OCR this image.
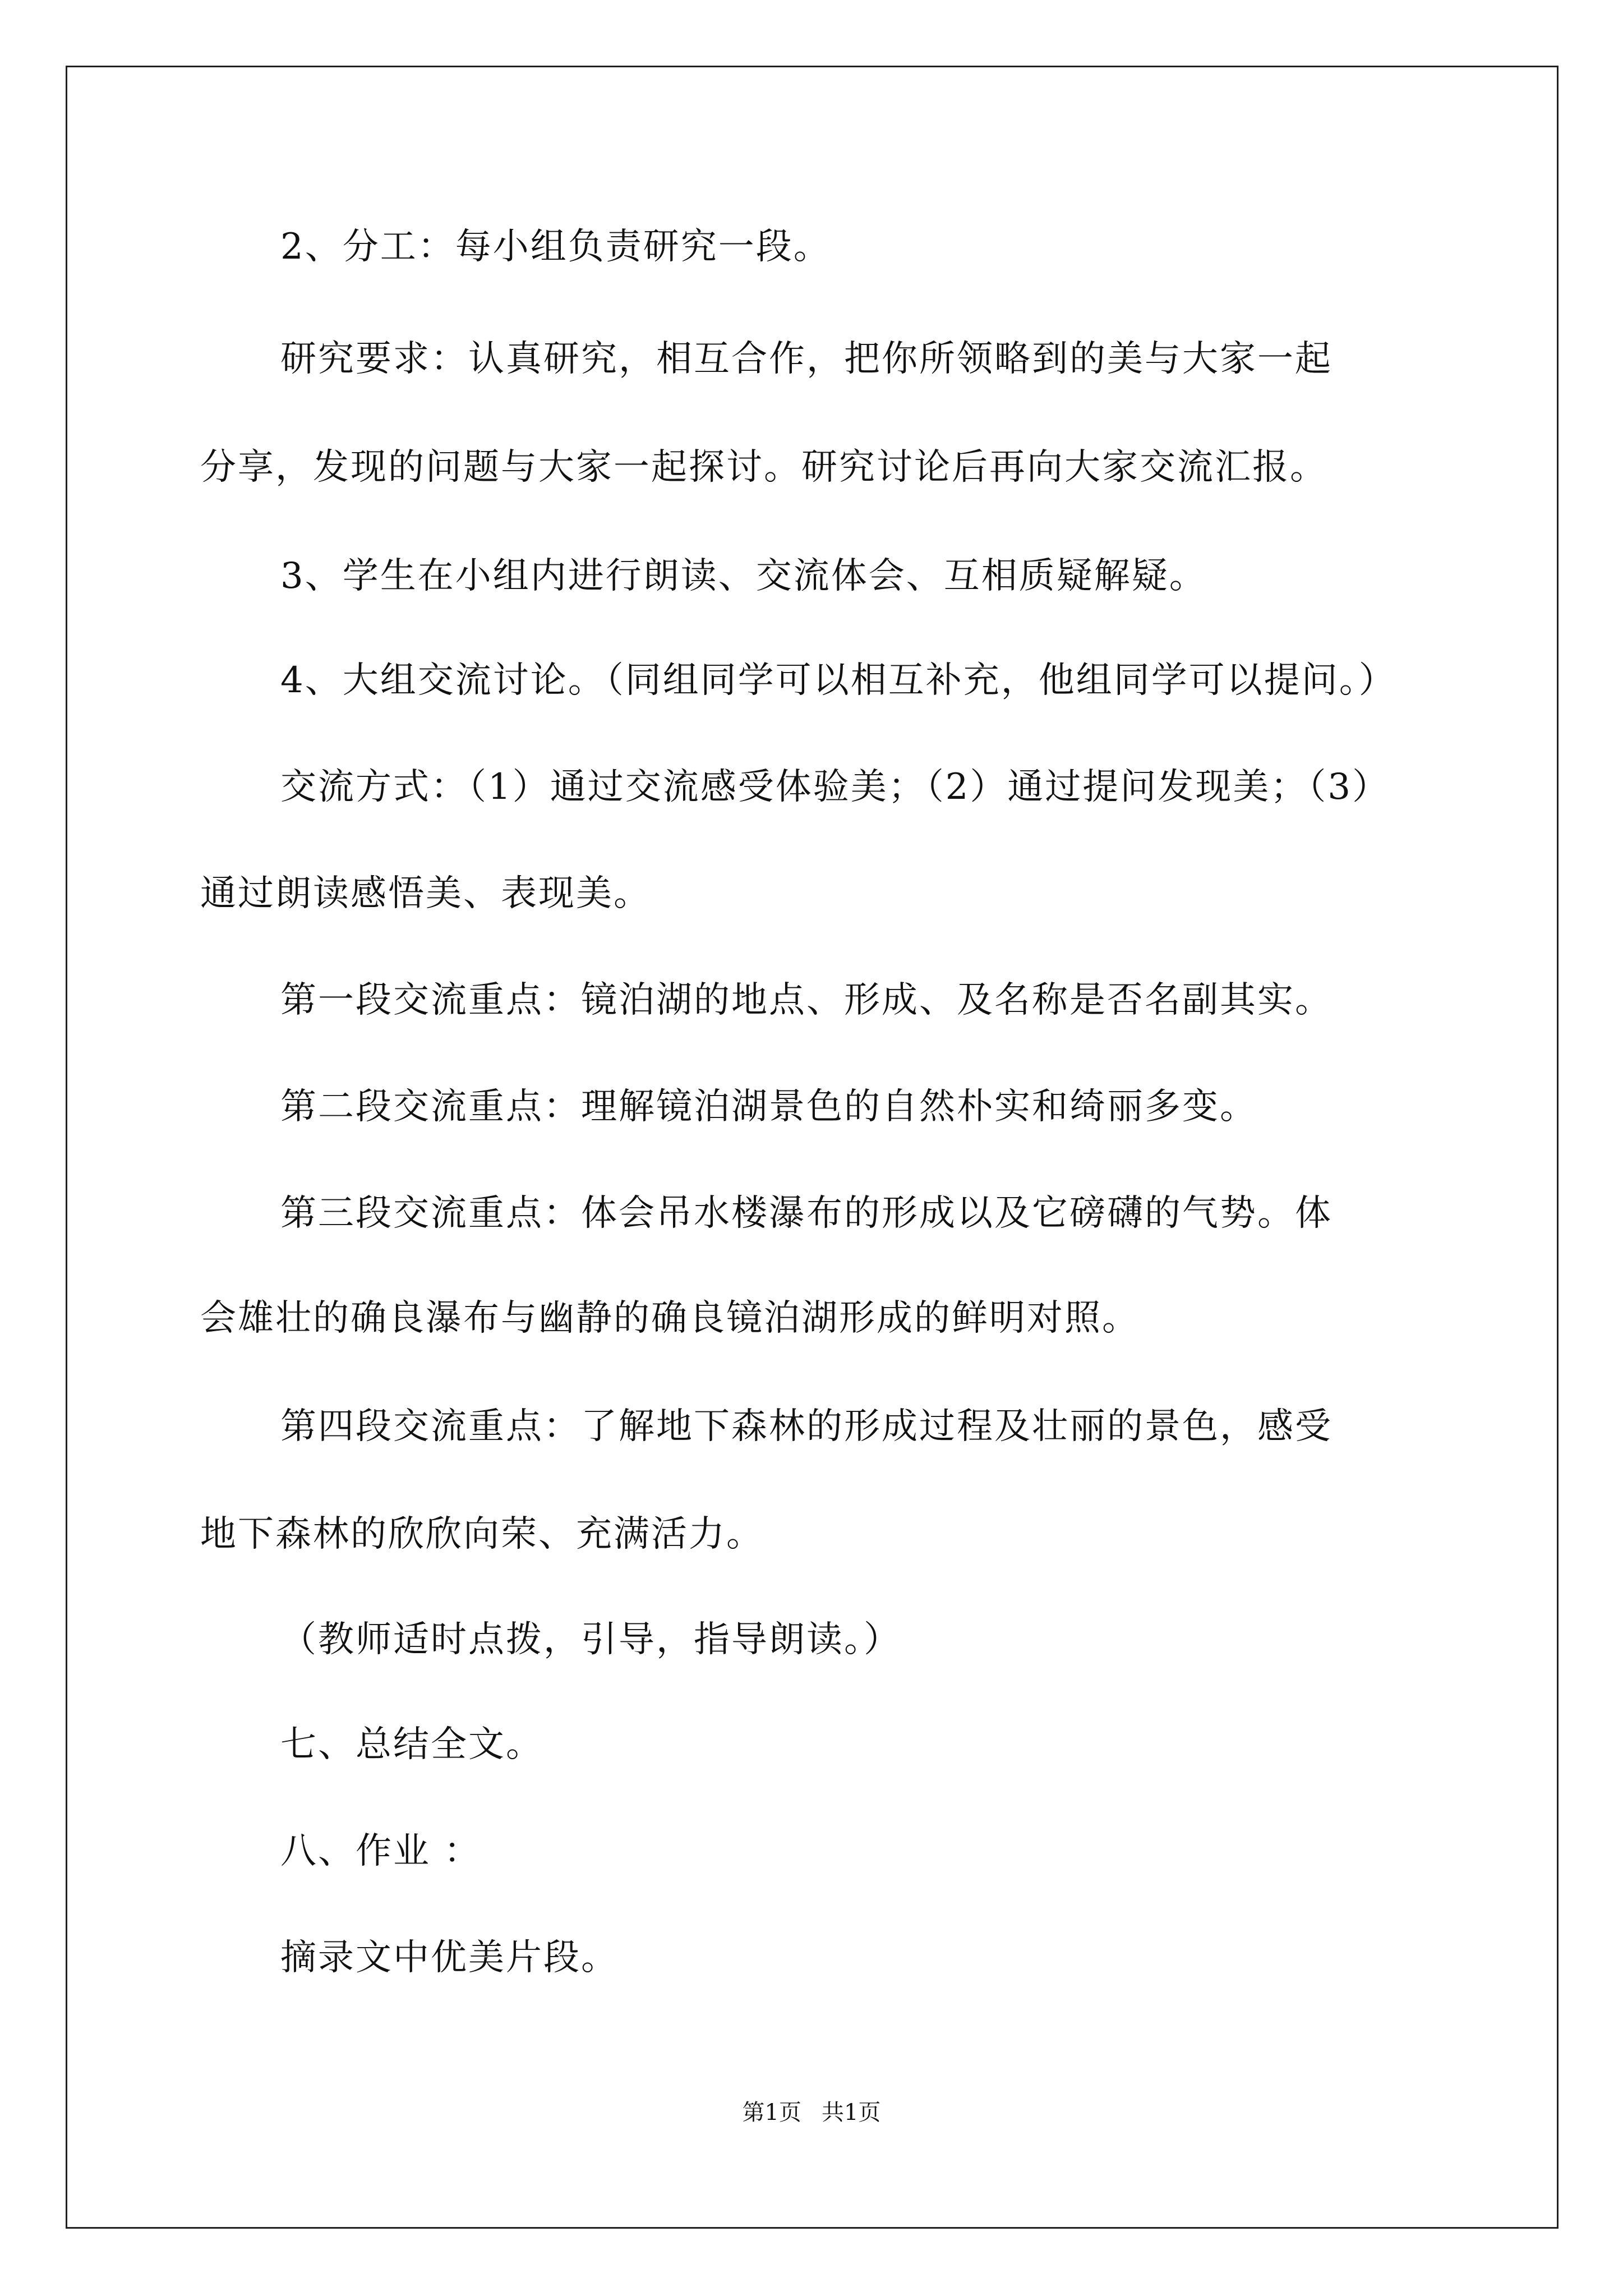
2、分工：每小组负责研究一段。

研究要求：认真研究，相互合作，把你所领略到的美与大家一起

分享，发现的问题与大家一起探讨。研究讨论后再向大家交流汇报。

3、学生在小组内进行朗读、交流体会、互相质疑解疑。

4、大组交流讨论。（同组同学可以相互补充，他组同学可以提问。）

交流方式：（1）通过交流感受体验美；（2）通过提问发现美；（3）

通过朗读感悟美、表现美。

第一段交流重点：镜泊湖的地点、形成、及名称是否名副其实。

第二段交流重点：理解镜泊湖景色的自然朴实和绮丽多变。

第三段交流重点：体会吊水楼瀑布的形成以及它磅礴的气势。体

会雄壮的确良瀑布与幽静的确良镜泊湖形成的鲜明对照。

第四段交流重点：了解地下森林的形成过程及壮丽的景色，感受

地下森林的欣欣向荣、充满活力。

（教师适时点拨，引导，指导朗读。）

七、总结全文。

八、作业 ：

摘录文中优美片段。

第1页 共1页
